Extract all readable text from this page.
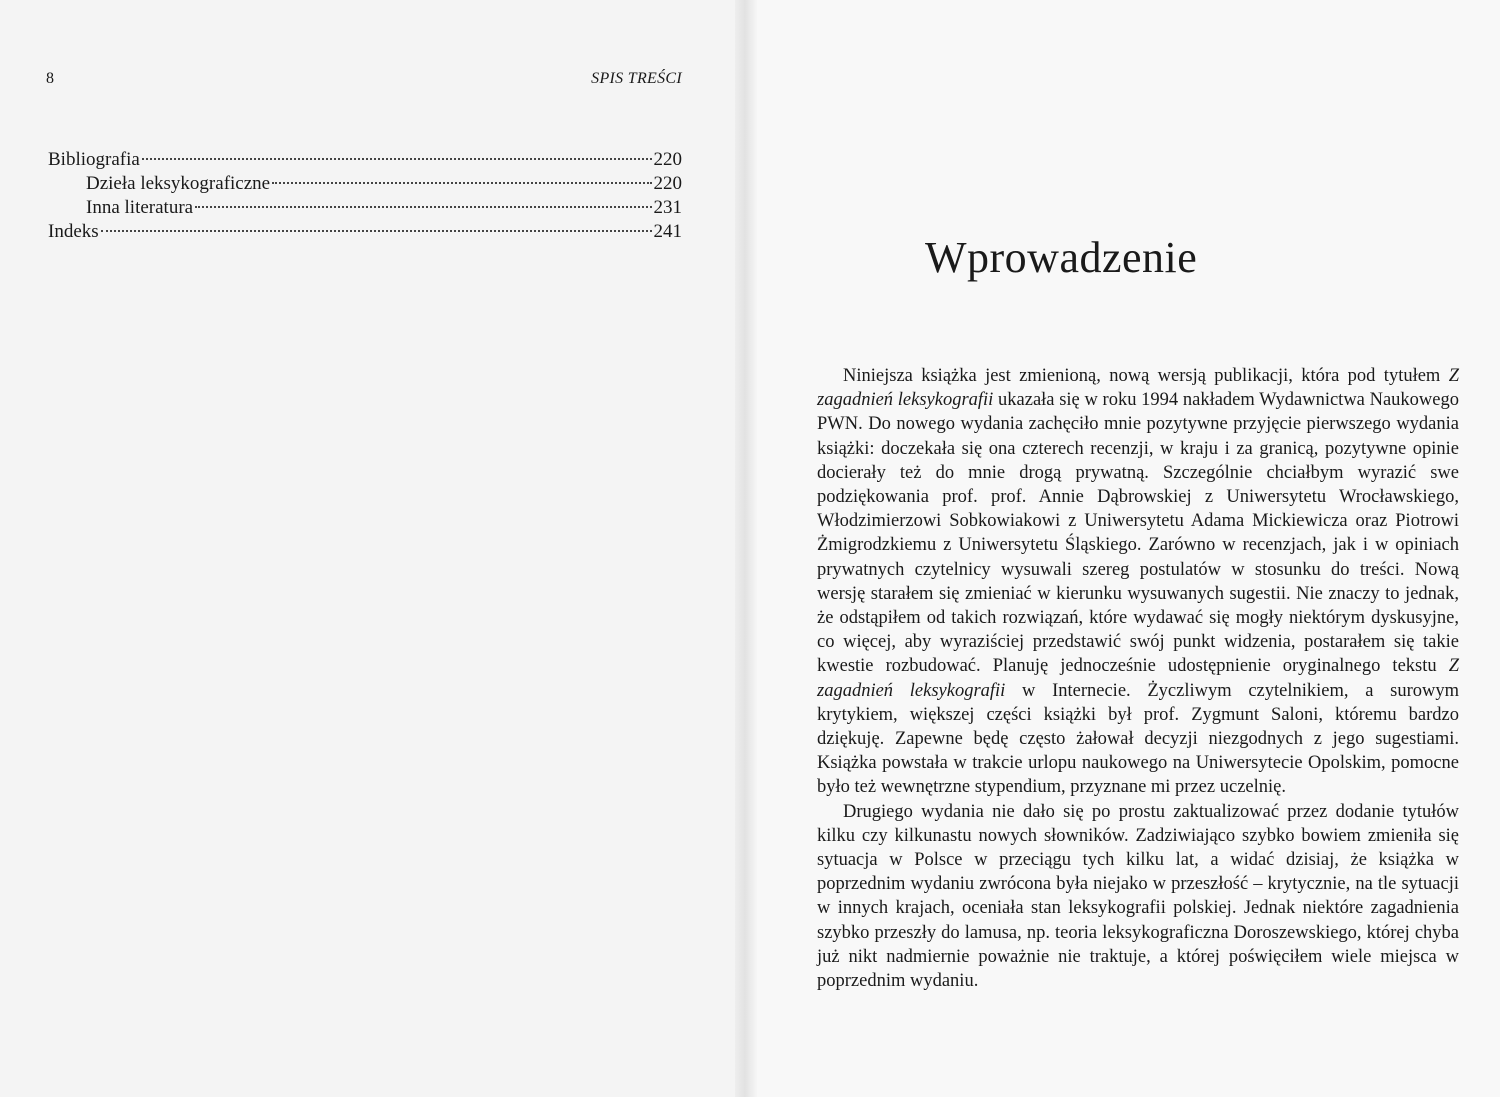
8	SPIS TREŚCI
Bibliografia	220
Dzieła leksykograficzne	220
Inna literatura	231
Indeks	241
Wprowadzenie

Niniejsza książka jest zmienioną, nową wersją publikacji, która pod tytułem Z zagadnień leksykografii ukazała się w roku 1994 nakładem Wydawnictwa Naukowego PWN. Do nowego wydania zachęciło mnie pozytywne przyjęcie pierwszego wydania książki: doczekała się ona czterech recenzji, w kraju i za granicą, pozytywne opinie docierały też do mnie drogą prywatną. Szczególnie chciałbym wyrazić swe podziękowania prof. prof. Annie Dąbrowskiej z Uniwersytetu Wrocławskiego, Włodzimierzowi Sobkowiakowi z Uniwersytetu Adama Mickiewicza oraz Piotrowi Żmigrodzkiemu z Uniwersytetu Śląskiego. Zarówno w recenzjach, jak i w opiniach prywatnych czytelnicy wysuwali szereg postulatów w stosunku do treści. Nową wersję starałem się zmieniać w kierunku wysuwanych sugestii. Nie znaczy to jednak, że odstąpiłem od takich rozwiązań, które wydawać się mogły niektórym dyskusyjne, co więcej, aby wyraziściej przedstawić swój punkt widzenia, postarałem się takie kwestie rozbudować. Planuję jednocześnie udostępnienie oryginalnego tekstu Z zagadnień leksykografii w Internecie. Życzliwym czytelnikiem, a surowym krytykiem, większej części książki był prof. Zygmunt Saloni, któremu bardzo dziękuję. Zapewne będę często żałował decyzji niezgodnych z jego sugestiami. Książka powstała w trakcie urlopu naukowego na Uniwersytecie Opolskim, pomocne było też wewnętrzne stypendium, przyznane mi przez uczelnię.

Drugiego wydania nie dało się po prostu zaktualizować przez dodanie tytułów kilku czy kilkunastu nowych słowników. Zadziwiająco szybko bowiem zmieniła się sytuacja w Polsce w przeciągu tych kilku lat, a widać dzisiaj, że książka w poprzednim wydaniu zwrócona była niejako w przeszłość – krytycznie, na tle sytuacji w innych krajach, oceniała stan leksykografii polskiej. Jednak niektóre zagadnienia szybko przeszły do lamusa, np. teoria leksykograficzna Doroszewskiego, której chyba już nikt nadmiernie poważnie nie traktuje, a której poświęciłem wiele miejsca w poprzednim wydaniu.
